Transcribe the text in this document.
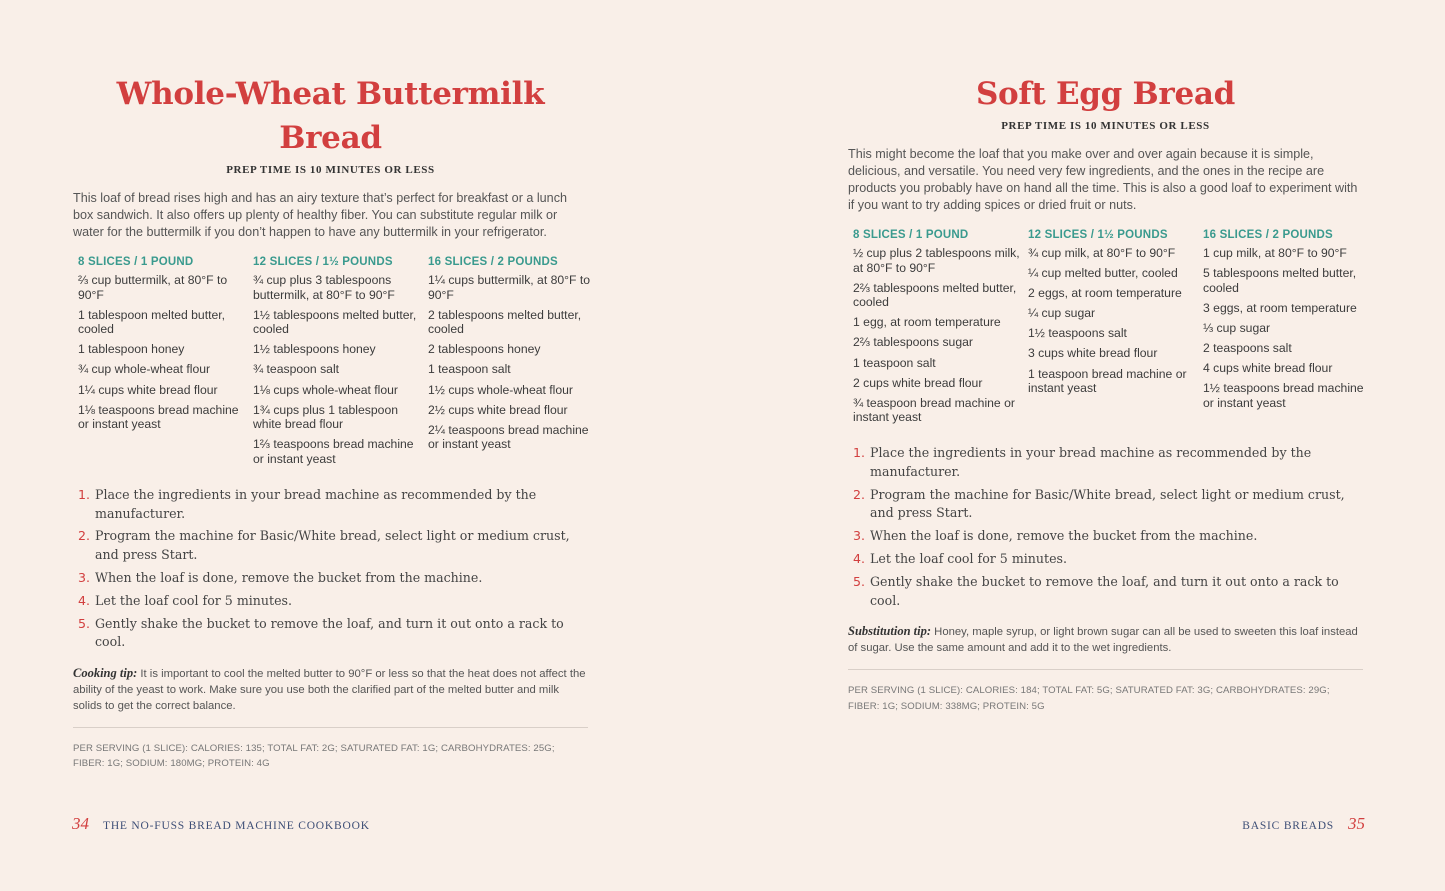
Whole-Wheat Buttermilk Bread
PREP TIME IS 10 MINUTES OR LESS
This loaf of bread rises high and has an airy texture that’s perfect for breakfast or a lunch box sandwich. It also offers up plenty of healthy fiber. You can substitute regular milk or water for the buttermilk if you don’t happen to have any buttermilk in your refrigerator.
8 SLICES / 1 POUND
⅔ cup buttermilk, at 80°F to 90°F
1 tablespoon melted butter, cooled
1 tablespoon honey
¾ cup whole-wheat flour
1¼ cups white bread flour
1⅛ teaspoons bread machine or instant yeast
12 SLICES / 1½ POUNDS
¾ cup plus 3 tablespoons buttermilk, at 80°F to 90°F
1½ tablespoons melted butter, cooled
1½ tablespoons honey
¾ teaspoon salt
1⅛ cups whole-wheat flour
1¾ cups plus 1 tablespoon white bread flour
1⅔ teaspoons bread machine or instant yeast
16 SLICES / 2 POUNDS
1¼ cups buttermilk, at 80°F to 90°F
2 tablespoons melted butter, cooled
2 tablespoons honey
1 teaspoon salt
1½ cups whole-wheat flour
2½ cups white bread flour
2¼ teaspoons bread machine or instant yeast
1. Place the ingredients in your bread machine as recommended by the manufacturer.
2. Program the machine for Basic/White bread, select light or medium crust, and press Start.
3. When the loaf is done, remove the bucket from the machine.
4. Let the loaf cool for 5 minutes.
5. Gently shake the bucket to remove the loaf, and turn it out onto a rack to cool.
Cooking tip: It is important to cool the melted butter to 90°F or less so that the heat does not affect the ability of the yeast to work. Make sure you use both the clarified part of the melted butter and milk solids to get the correct balance.
PER SERVING (1 SLICE): CALORIES: 135; TOTAL FAT: 2G; SATURATED FAT: 1G; CARBOHYDRATES: 25G; FIBER: 1G; SODIUM: 180MG; PROTEIN: 4G
34 THE NO-FUSS BREAD MACHINE COOKBOOK
Soft Egg Bread
PREP TIME IS 10 MINUTES OR LESS
This might become the loaf that you make over and over again because it is simple, delicious, and versatile. You need very few ingredients, and the ones in the recipe are products you probably have on hand all the time. This is also a good loaf to experiment with if you want to try adding spices or dried fruit or nuts.
8 SLICES / 1 POUND
½ cup plus 2 tablespoons milk, at 80°F to 90°F
2⅔ tablespoons melted butter, cooled
1 egg, at room temperature
2⅔ tablespoons sugar
1 teaspoon salt
2 cups white bread flour
¾ teaspoon bread machine or instant yeast
12 SLICES / 1½ POUNDS
¾ cup milk, at 80°F to 90°F
¼ cup melted butter, cooled
2 eggs, at room temperature
¼ cup sugar
1½ teaspoons salt
3 cups white bread flour
1 teaspoon bread machine or instant yeast
16 SLICES / 2 POUNDS
1 cup milk, at 80°F to 90°F
5 tablespoons melted butter, cooled
3 eggs, at room temperature
⅓ cup sugar
2 teaspoons salt
4 cups white bread flour
1½ teaspoons bread machine or instant yeast
1. Place the ingredients in your bread machine as recommended by the manufacturer.
2. Program the machine for Basic/White bread, select light or medium crust, and press Start.
3. When the loaf is done, remove the bucket from the machine.
4. Let the loaf cool for 5 minutes.
5. Gently shake the bucket to remove the loaf, and turn it out onto a rack to cool.
Substitution tip: Honey, maple syrup, or light brown sugar can all be used to sweeten this loaf instead of sugar. Use the same amount and add it to the wet ingredients.
PER SERVING (1 SLICE): CALORIES: 184; TOTAL FAT: 5G; SATURATED FAT: 3G; CARBOHYDRATES: 29G; FIBER: 1G; SODIUM: 338MG; PROTEIN: 5G
BASIC BREADS 35
